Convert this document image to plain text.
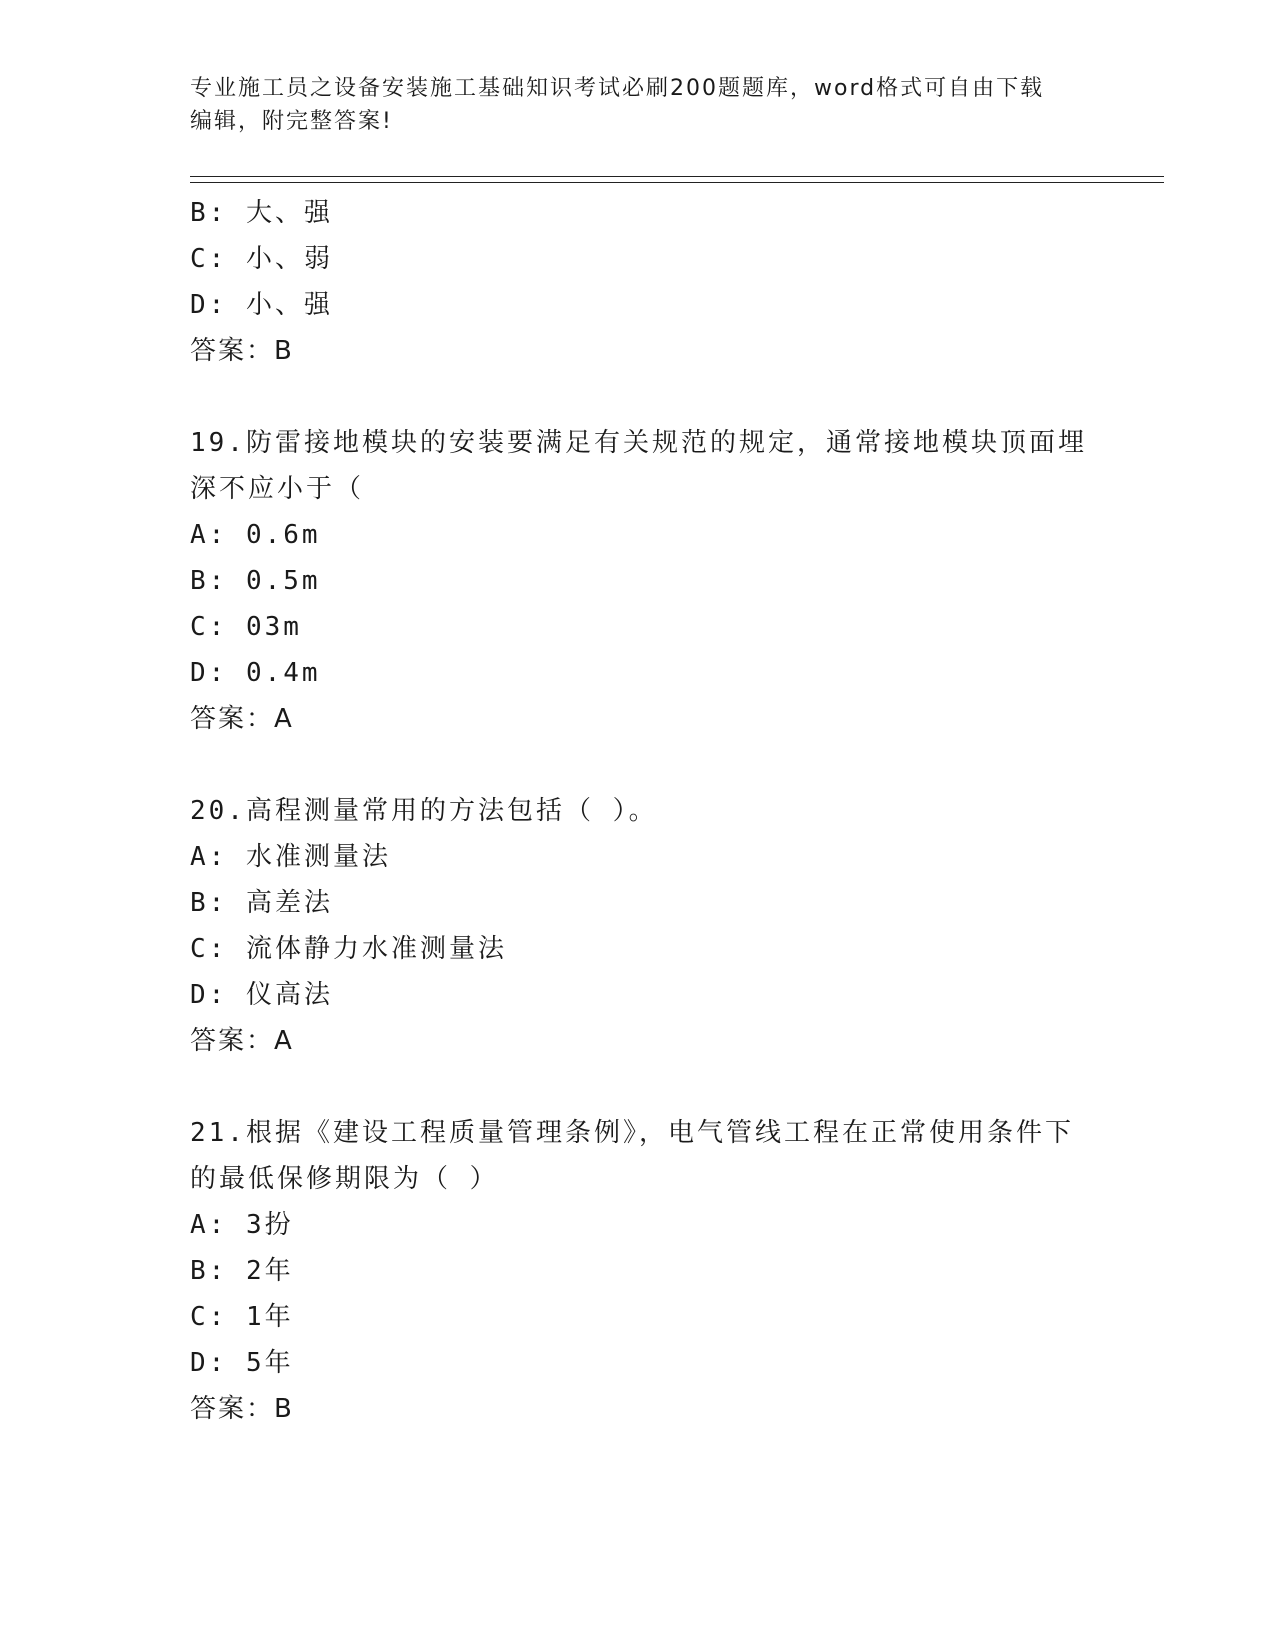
专业施工员之设备安装施工基础知识考试必刷200题题库，word格式可自由下载
编辑，附完整答案!
B: 大、强
C: 小、弱
D: 小、强
答案：B
19.防雷接地模块的安装要满足有关规范的规定，通常接地模块顶面埋
深不应小于（
A: 0.6m
B: 0.5m
C: 03m
D: 0.4m
答案：A
20.高程测量常用的方法包括（ ）。
A: 水准测量法
B: 高差法
C: 流体静力水准测量法
D: 仪高法
答案：A
21.根据《建设工程质量管理条例》，电气管线工程在正常使用条件下
的最低保修期限为（ ）
A: 3扮
B: 2年
C: 1年
D: 5年
答案：B
